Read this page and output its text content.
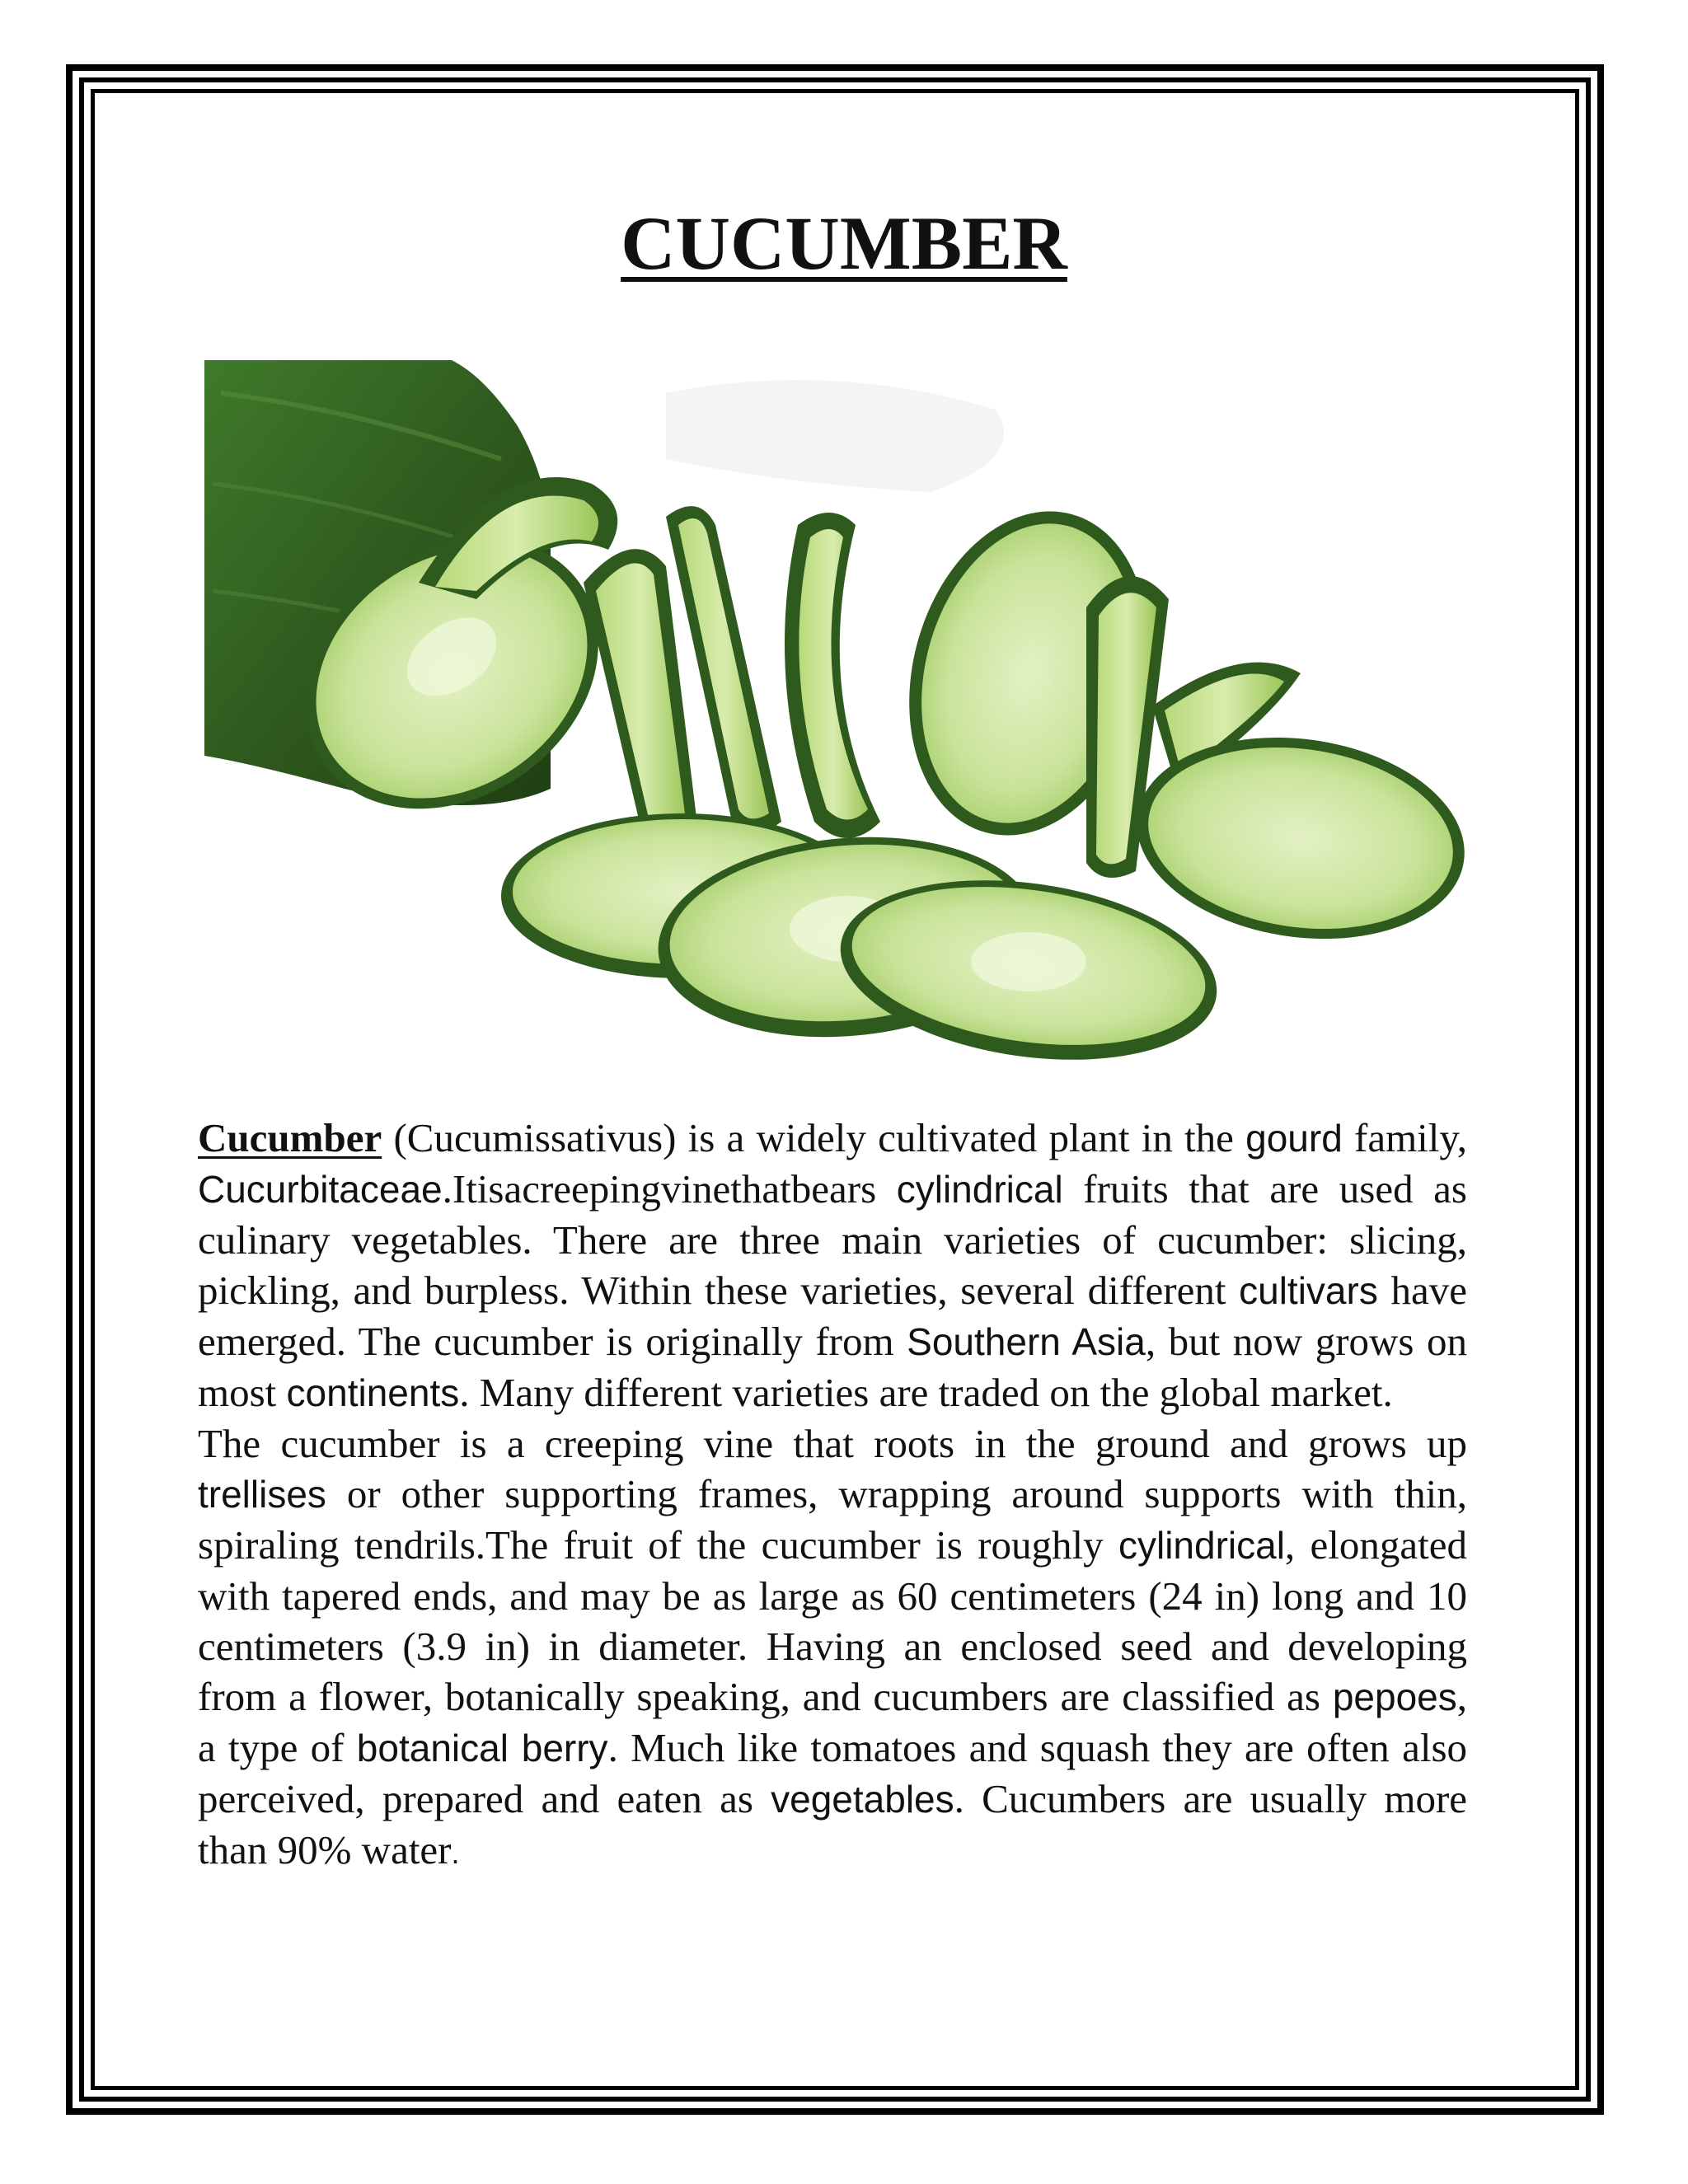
CUCUMBER

Cucumber (Cucumissativus) is a widely cultivated plant in the gourd family, Cucurbitaceae.Itisacreepingvinethatbears cylindrical fruits that are used as culinary vegetables. There are three main varieties of cucumber: slicing, pickling, and burpless. Within these varieties, several different cultivars have emerged. The cucumber is originally from Southern Asia, but now grows on most continents. Many different varieties are traded on the global market.

The cucumber is a creeping vine that roots in the ground and grows up trellises or other supporting frames, wrapping around supports with thin, spiraling tendrils.The fruit of the cucumber is roughly cylindrical, elongated with tapered ends, and may be as large as 60 centimeters (24 in) long and 10 centimeters (3.9 in) in diameter. Having an enclosed seed and developing from a flower, botanically speaking, and cucumbers are classified as pepoes, a type of botanical berry. Much like tomatoes and squash they are often also perceived, prepared and eaten as vegetables. Cucumbers are usually more than 90% water.
